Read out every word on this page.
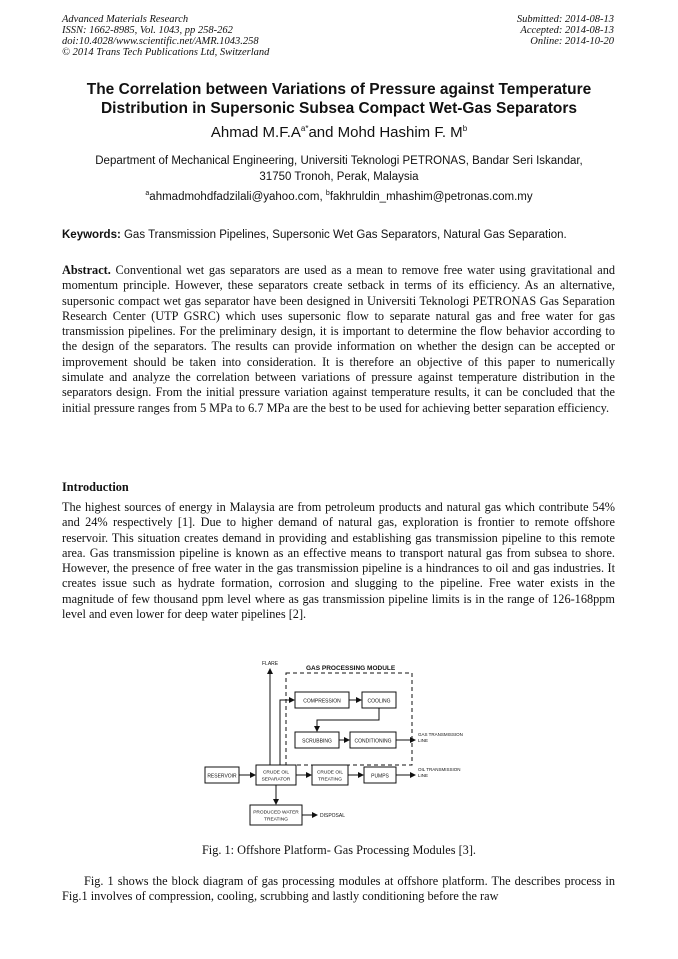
Advanced Materials Research
ISSN: 1662-8985, Vol. 1043, pp 258-262
doi:10.4028/www.scientific.net/AMR.1043.258
© 2014 Trans Tech Publications Ltd, Switzerland
Submitted: 2014-08-13
Accepted: 2014-08-13
Online: 2014-10-20
The Correlation between Variations of Pressure against Temperature
Distribution in Supersonic Subsea Compact Wet-Gas Separators
Ahmad $M.F.A^{a*}and$ Mohd Hashim F. $M^b$
Department of Mechanical Engineering, Universiti Teknologi PETRONAS, Bandar Seri Iskandar,
31750 Tronoh, Perak, Malaysia
$^a$ahmadmohdfadzilali@yahoo.com, $^b$fakhruldin_mhashim@petronas.com.my
Keywords: Gas Transmission Pipelines, Supersonic Wet Gas Separators, Natural Gas Separation.

Abstract. Conventional wet gas separators are used as a mean to remove free water using gravitational and momentum principle. However, these separators create setback in terms of its efficiency. As an alternative, supersonic compact wet gas separator have been designed in Universiti Teknologi PETRONAS Gas Separation Research Center (UTP GSRC) which uses supersonic flow to separate natural gas and free water for gas transmission pipelines. For the preliminary design, it is important to determine the flow behavior according to the design of the separators. The results can provide information on whether the design can be accepted or improvement should be taken into consideration. It is therefore an objective of this paper to numerically simulate and analyze the correlation between variations of pressure against temperature distribution in the separators design. From the initial pressure variation against temperature results, it can be concluded that the initial pressure ranges from 5 MPa to 6.7 MPa are the best to be used for achieving better separation efficiency.

Introduction

The highest sources of energy in Malaysia are from petroleum products and natural gas which contribute 54% and 24% respectively [1]. Due to higher demand of natural gas, exploration is frontier to remote offshore reservoir. This situation creates demand in providing and establishing gas transmission pipeline to this remote area. Gas transmission pipeline is known as an effective means to transport natural gas from subsea to shore. However, the presence of free water in the gas transmission pipeline is a hindrances to oil and gas industries. It creates issue such as hydrate formation, corrosion and slugging to the pipeline. Free water exists in the magnitude of few thousand ppm level where as gas transmission pipeline limits is in the range of 126-168ppm level and even lower for deep water pipelines [2].

GAS PROCESSING MODULE
FLARE
COMPRESSION	COOLING
SCRUBBING	CONDITIONING
GAS TRANSMISSION
LINE
RESERVOIR
CRUDE OIL
SEPARATOR
CRUDE OIL
TREATING
PUMPS
OIL TRANSMISSION
LINE
PRODUCED WATER
TREATING
DISPOSAL
Fig. 1: Offshore Platform- Gas Processing Modules [3].

Fig. 1 shows the block diagram of gas processing modules at offshore platform. The describes process in Fig.1 involves of compression, cooling, scrubbing and lastly conditioning before the raw
